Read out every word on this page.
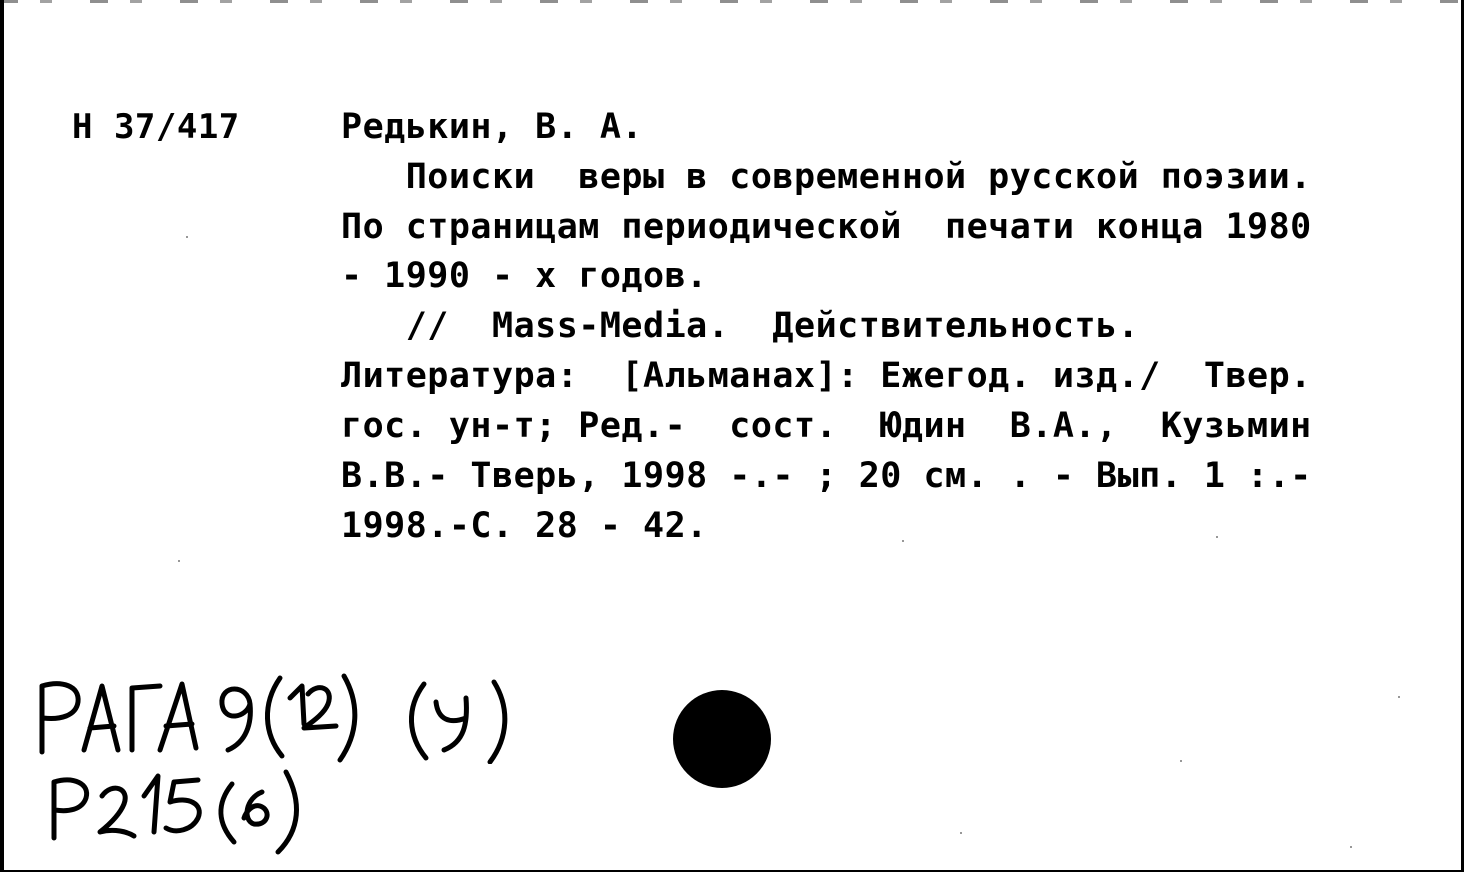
Н 37/417	Редькин, В. А.
Поиски  веры в современной русской поэзии.
По страницам периодической  печати конца 1980
- 1990 - х годов.
//  Mass-Media.  Действительность.
Литература:  [Альманах]: Ежегод. изд./  Твер.
гос. ун-т; Ред.-  сост.  Юдин  В.А.,  Кузьмин
В.В.- Тверь, 1998 -.- ; 20 см. . - Вып. 1 :.-
1998.-С. 28 - 42.
